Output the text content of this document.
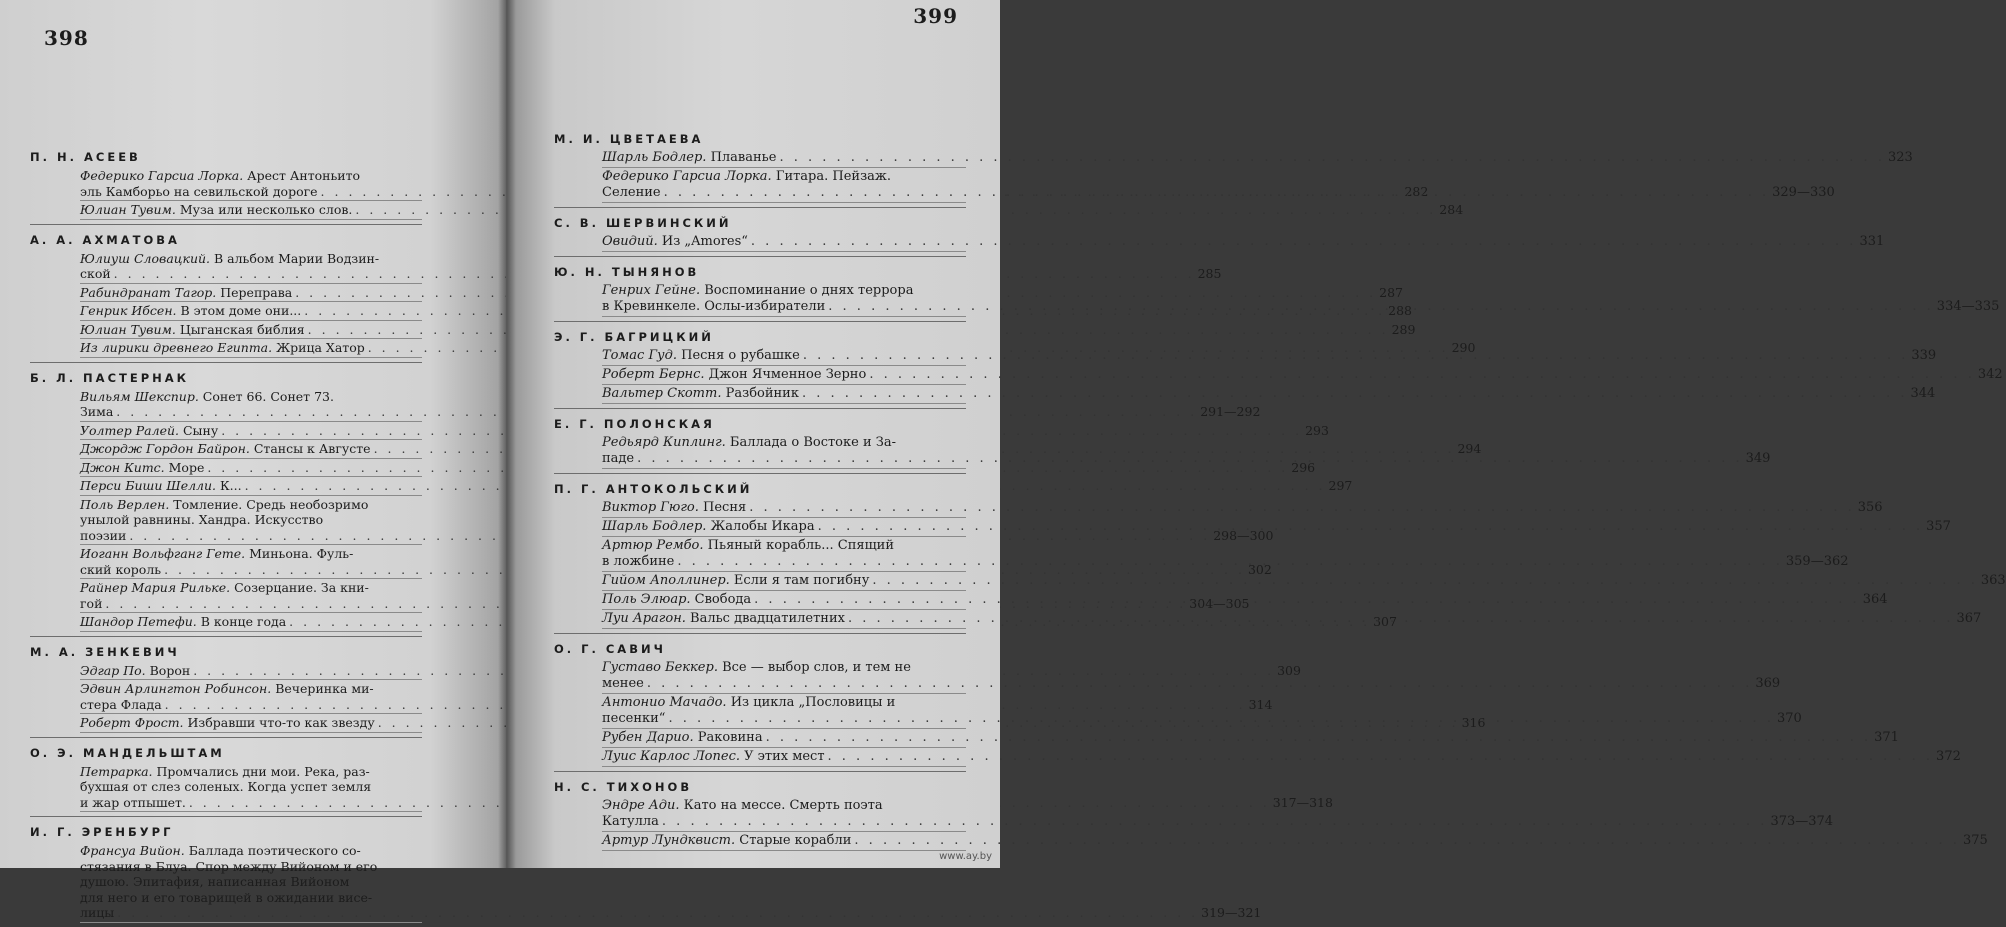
398
П. Н. АСЕЕВ
Федерико Гарсиа Лорка. Арест Антоньито
эль Камборьо на севильской дороге . . .	282
Юлиан Тувим. Муза или несколько слов. . . .	284
А. А. АХМАТОВА
Юлиуш Словацкий. В альбом Марии Водзин-
ской . . .	285
Рабиндранат Тагор. Переправа . . .	287
Генрик Ибсен. В этом доме они... . . .	288
Юлиан Тувим. Цыганская библия . . .	289
Из лирики древнего Египта. Жрица Хатор . . .	290
Б. Л. ПАСТЕРНАК
Вильям Шекспир. Сонет 66. Сонет 73.
Зима . . .	291—292
Уолтер Ралей. Сыну . . .	293
Джордж Гордон Байрон. Стансы к Августе . . .	294
Джон Китс. Море . . .	296
Перси Биши Шелли. К... . . .	297
Поль Верлен. Томление. Средь необозримо
унылой равнины. Хандра. Искусство
поэзии . . .	298—300
Иоганн Вольфганг Гете. Миньона. Фуль-
ский король . . .	302
Райнер Мария Рильке. Созерцание. За кни-
гой . . .	304—305
Шандор Петефи. В конце года . . .	307
М. А. ЗЕНКЕВИЧ
Эдгар По. Ворон . . .	309
Эдвин Арлингтон Робинсон. Вечеринка ми-
стера Флада . . .	314
Роберт Фрост. Избравши что-то как звезду . . .	316
О. Э. МАНДЕЛЬШТАМ
Петрарка. Промчались дни мои. Река, раз-
бухшая от слез соленых. Когда успет земля
и жар отпышет. . . .	317—318
И. Г. ЭРЕНБУРГ
Франсуа Вийон. Баллада поэтического со-
стязания в Блуа. Спор между Вийоном и его
душою. Эпитафия, написанная Вийоном
для него и его товарищей в ожидании висе-
лицы . . .	319—321
399
М. И. ЦВЕТАЕВА
Шарль Бодлер. Плаванье . . .	323
Федерико Гарсиа Лорка. Гитара. Пейзаж.
Селение . . .	329—330
С. В. ШЕРВИНСКИЙ
Овидий. Из „Amores“ . . .	331
Ю. Н. ТЫНЯНОВ
Генрих Гейне. Воспоминание о днях террора
в Кревинкеле. Ослы-избиратели . . .	334—335
Э. Г. БАГРИЦКИЙ
Томас Гуд. Песня о рубашке . . .	339
Роберт Бернс. Джон Ячменное Зерно . . .	342
Вальтер Скотт. Разбойник . . .	344
Е. Г. ПОЛОНСКАЯ
Редьярд Киплинг. Баллада о Востоке и За-
паде . . .	349
П. Г. АНТОКОЛЬСКИЙ
Виктор Гюго. Песня . . .	356
Шарль Бодлер. Жалобы Икара . . .	357
Артюр Рембо. Пьяный корабль... Спящий
в ложбине . . .	359—362
Гийом Аполлинер. Если я там погибну . . .	363
Поль Элюар. Свобода . . .	364
Луи Арагон. Вальс двадцатилетних . . .	367
О. Г. САВИЧ
Густаво Беккер. Все — выбор слов, и тем не
менее . . .	369
Антонио Мачадо. Из цикла „Пословицы и
песенки“ . . .	370
Рубен Дарио. Раковина . . .	371
Луис Карлос Лопес. У этих мест . . .	372
Н. С. ТИХОНОВ
Эндре Ади. Като на мессе. Смерть поэта
Катулла . . .	373—374
Артур Лундквист. Старые корабли . . .	375
www.ay.by
